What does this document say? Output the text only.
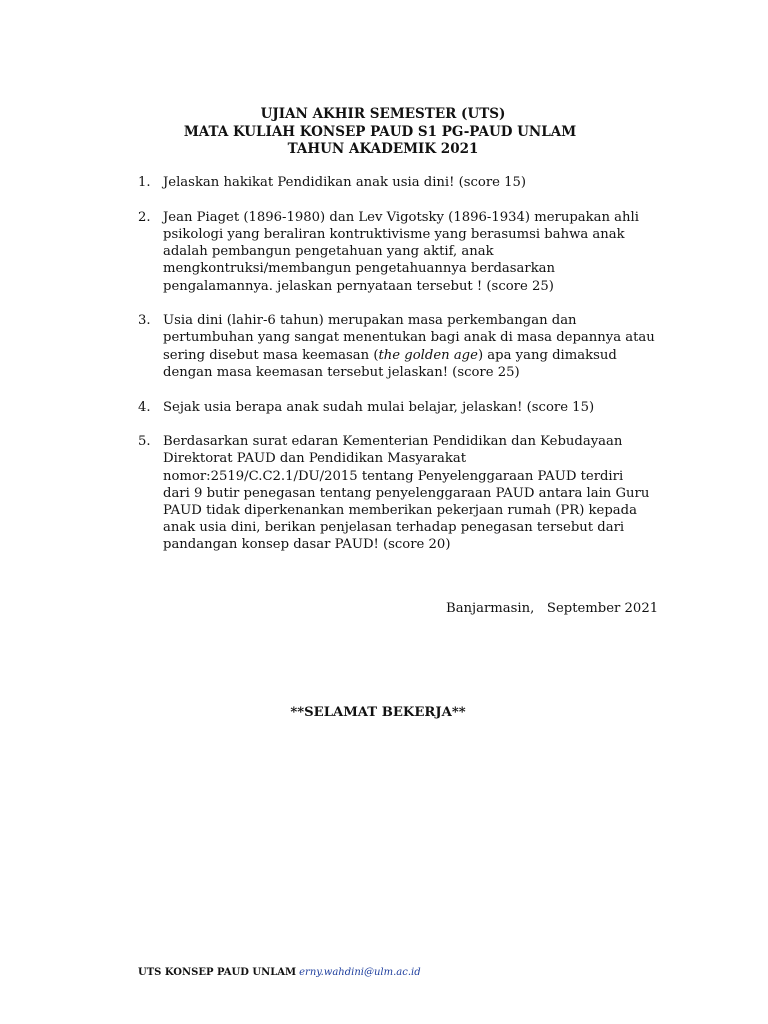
UJIAN AKHIR SEMESTER (UTS)
MATA KULIAH KONSEP PAUD S1 PG-PAUD UNLAM
TAHUN AKADEMIK 2021
1. Jelaskan hakikat Pendidikan anak usia dini! (score 15)
2. Jean Piaget (1896-1980) dan Lev Vigotsky (1896-1934) merupakan ahli
psikologi yang beraliran kontruktivisme yang berasumsi bahwa anak
adalah pembangun pengetahuan yang aktif, anak
mengkontruksi/membangun pengetahuannya berdasarkan
pengalamannya. jelaskan pernyataan tersebut ! (score 25)
3. Usia dini (lahir-6 tahun) merupakan masa perkembangan dan
pertumbuhan yang sangat menentukan bagi anak di masa depannya atau
sering disebut masa keemasan (the golden age) apa yang dimaksud
dengan masa keemasan tersebut jelaskan! (score 25)
4. Sejak usia berapa anak sudah mulai belajar, jelaskan! (score 15)
5. Berdasarkan surat edaran Kementerian Pendidikan dan Kebudayaan
Direktorat PAUD dan Pendidikan Masyarakat
nomor:2519/C.C2.1/DU/2015 tentang Penyelenggaraan PAUD terdiri
dari 9 butir penegasan tentang penyelenggaraan PAUD antara lain Guru
PAUD tidak diperkenankan memberikan pekerjaan rumah (PR) kepada
anak usia dini, berikan penjelasan terhadap penegasan tersebut dari
pandangan konsep dasar PAUD! (score 20)
Banjarmasin,   September 2021
**SELAMAT BEKERJA**
UTS KONSEP PAUD UNLAM erny.wahdini@ulm.ac.id
